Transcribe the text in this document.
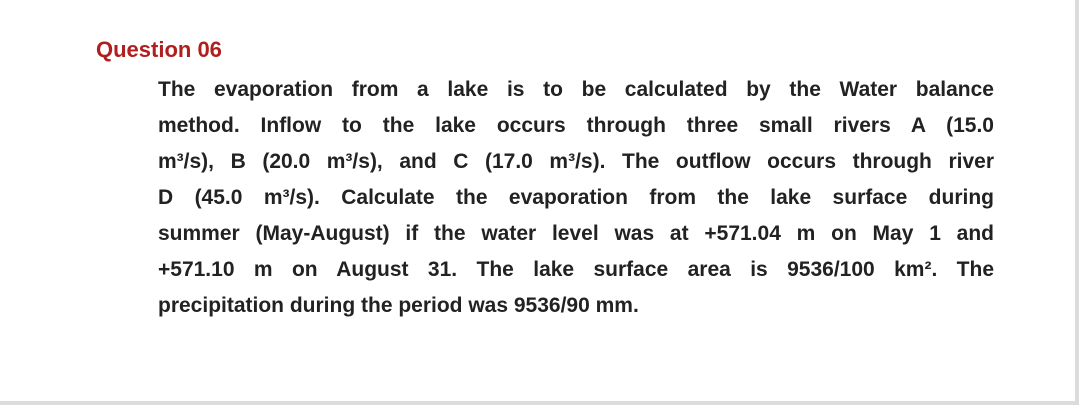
Question 06
The evaporation from a lake is to be calculated by the Water balance
method. Inflow to the lake occurs through three small rivers A (15.0
m³/s), B (20.0 m³/s), and C (17.0 m³/s). The outflow occurs through river
D (45.0 m³/s). Calculate the evaporation from the lake surface during
summer (May-August) if the water level was at +571.04 m on May 1 and
+571.10 m on August 31. The lake surface area is 9536/100 km². The
precipitation during the period was 9536/90 mm.
